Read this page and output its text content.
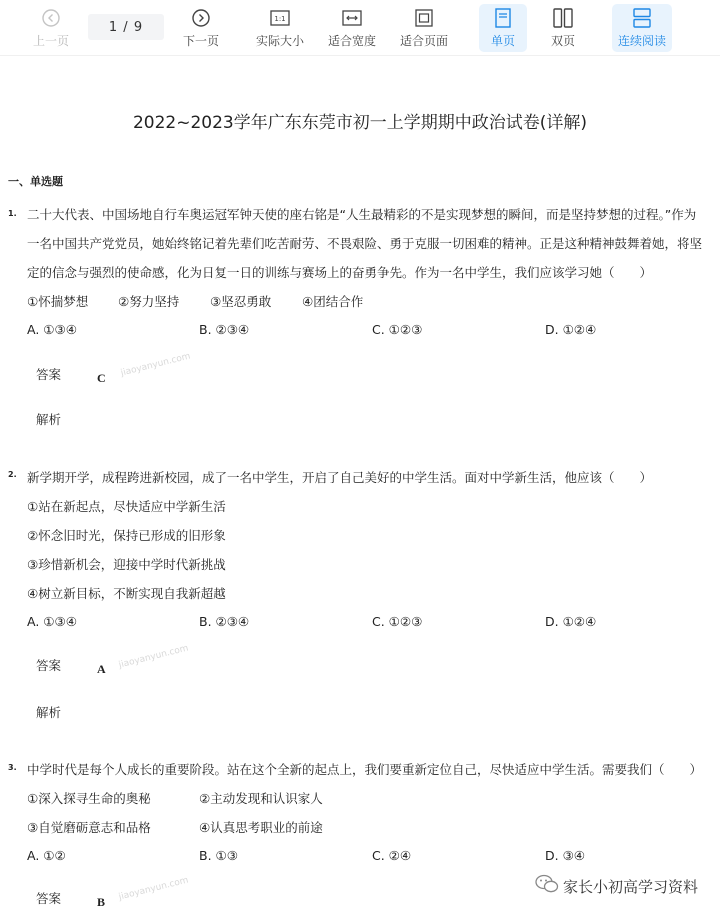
上一页
1 / 9
下一页
1:1
实际大小 适合宽度 适合页面	单页	双页	连续阅读
2022~2023学年广东东莞市初一上学期期中政治试卷(详解)
一、单选题
1. 二十大代表、中国场地自行车奥运冠军钟天使的座右铭是“人生最精彩的不是实现梦想的瞬间，而是坚持梦想的过程。”作为一名中国共产党党员，她始终铭记着先辈们吃苦耐劳、不畏艰险、勇于克服一切困难的精神。正是这种精神鼓舞着她，将坚定的信念与强烈的使命感，化为日复一日的训练与赛场上的奋勇争先。作为一名中学生，我们应该学习她（　　）
①怀揣梦想 ②努力坚持 ③坚忍勇敢 ④团结合作
A. ①③④	B. ②③④	C. ①②③	D. ①②④
答案	C jiaoyanyun.com
解析
2. 新学期开学，成程跨进新校园，成了一名中学生，开启了自己美好的中学生活。面对中学新生活，他应该（　　）
①站在新起点，尽快适应中学新生活
②怀念旧时光，保持已形成的旧形象
③珍惜新机会，迎接中学时代新挑战
④树立新目标，不断实现自我新超越
A. ①③④	B. ②③④	C. ①②③	D. ①②④
答案	A jiaoyanyun.com
解析
3. 中学时代是每个人成长的重要阶段。站在这个全新的起点上，我们要重新定位自己，尽快适应中学生活。需要我们（　　）
①深入探寻生命的奥秘	②主动发现和认识家人
③自觉磨砺意志和品格	④认真思考职业的前途
A. ①②	B. ①③	C. ②④	D. ③④
答案	B jiaoyanyun.com	家长小初高学习资料
